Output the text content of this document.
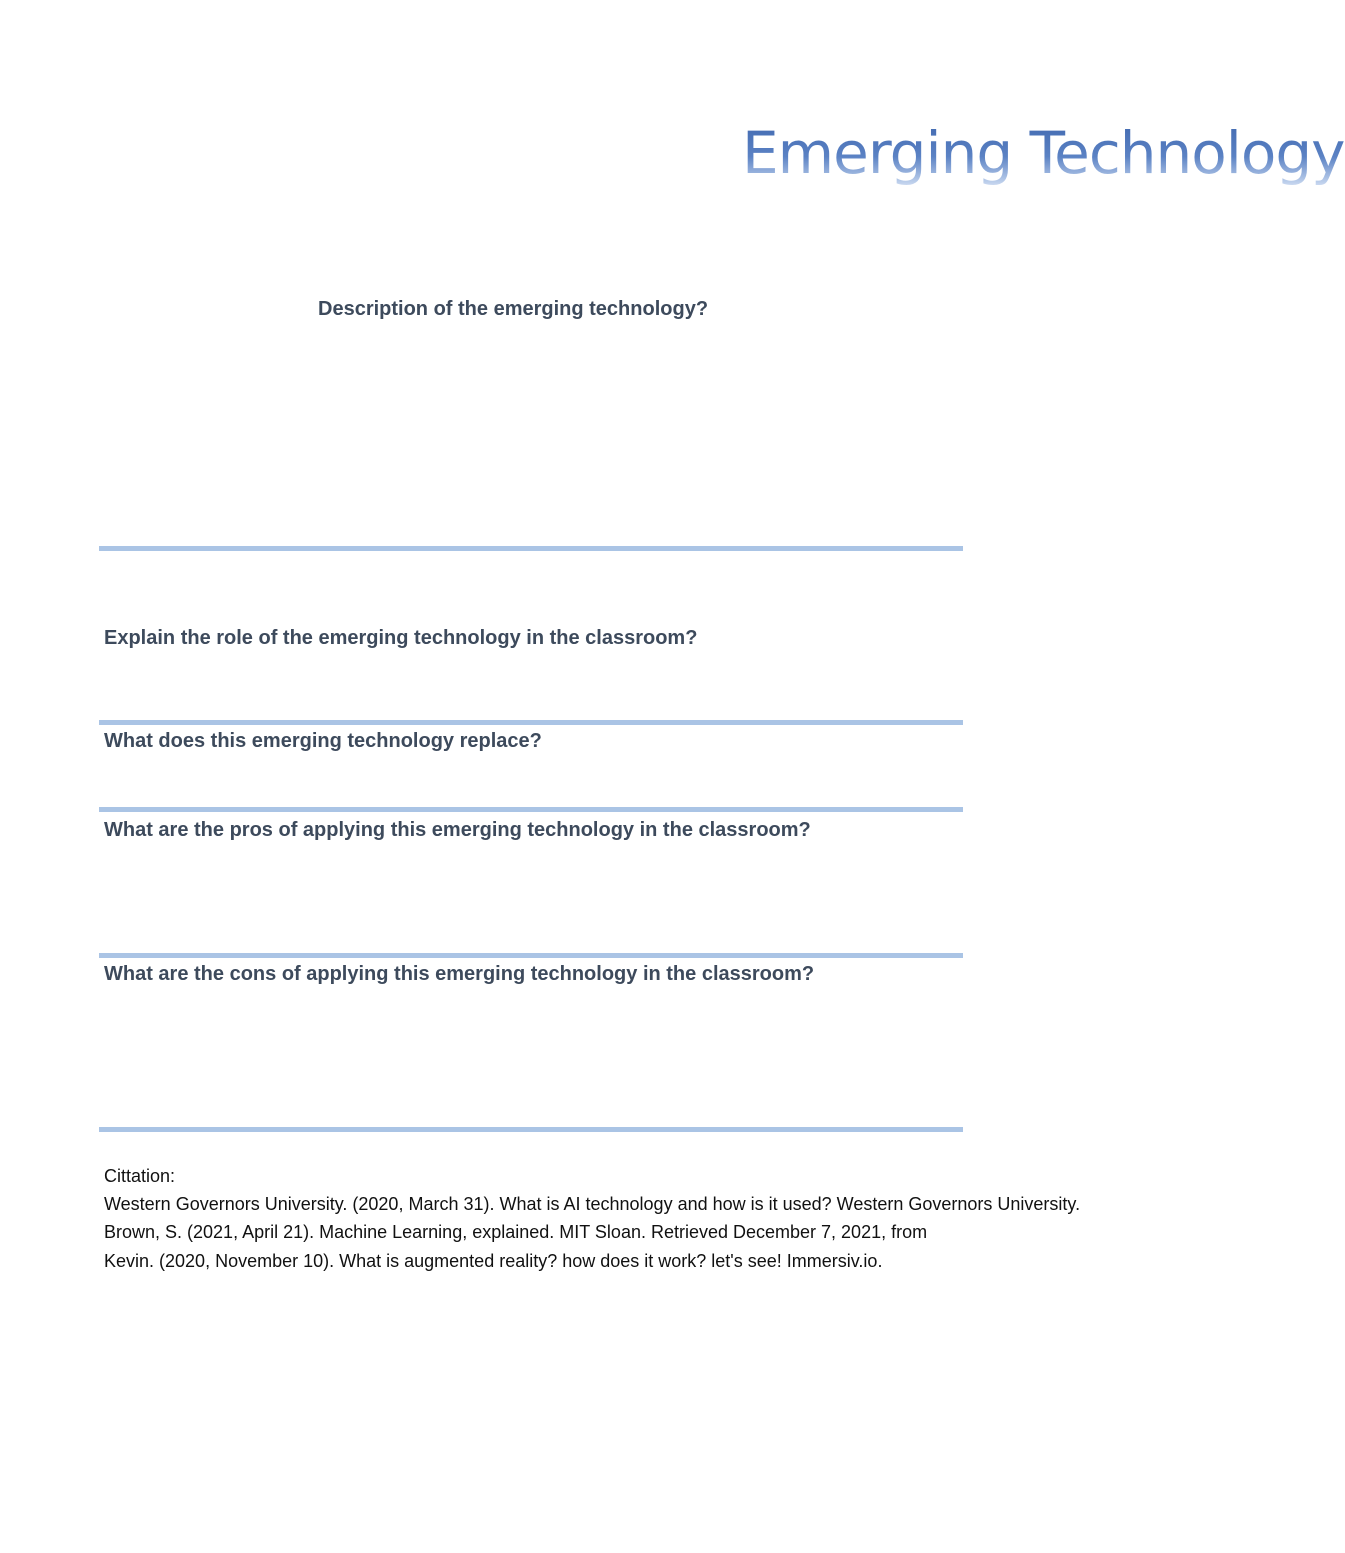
Emerging Technology
Description of the emerging technology?
Explain the role of the emerging technology in the classroom?
What does this emerging technology replace?
What are the pros of applying this emerging technology in the classroom?
What are the cons of applying this emerging technology in the classroom?
Cittation:
Western Governors University. (2020, March 31). What is AI technology and how is it used? Western Governors University.
Brown, S. (2021, April 21). Machine Learning, explained. MIT Sloan. Retrieved December 7, 2021, from
Kevin. (2020, November 10). What is augmented reality? how does it work? let's see! Immersiv.io.
